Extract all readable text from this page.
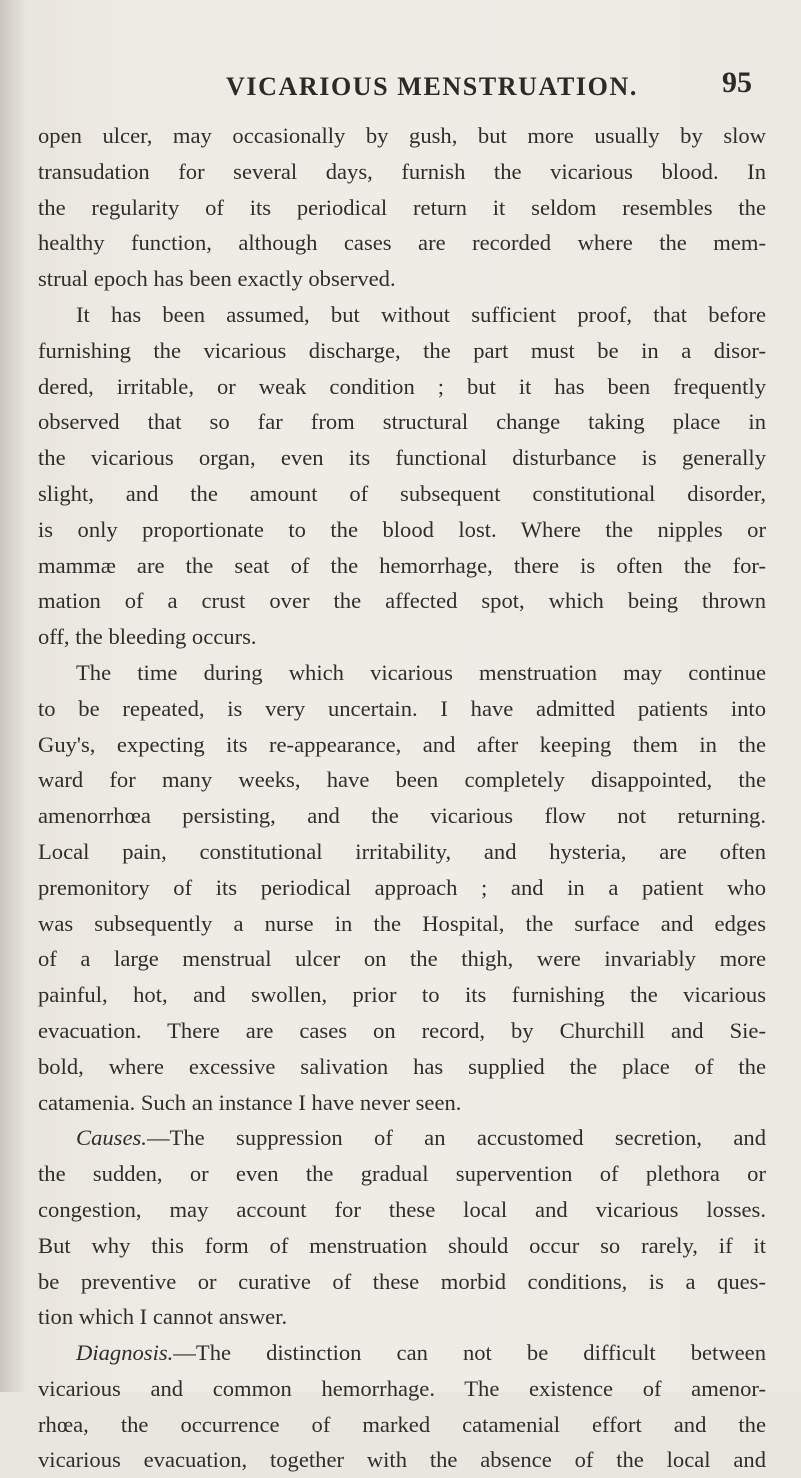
VICARIOUS MENSTRUATION.	95
open ulcer, may occasionally by gush, but more usually by slow
transudation for several days, furnish the vicarious blood. In
the regularity of its periodical return it seldom resembles the
healthy function, although cases are recorded where the mem-
strual epoch has been exactly observed.
It has been assumed, but without sufficient proof, that before
furnishing the vicarious discharge, the part must be in a disor-
dered, irritable, or weak condition ; but it has been frequently
observed that so far from structural change taking place in
the vicarious organ, even its functional disturbance is generally
slight, and the amount of subsequent constitutional disorder,
is only proportionate to the blood lost. Where the nipples or
mammæ are the seat of the hemorrhage, there is often the for-
mation of a crust over the affected spot, which being thrown
off, the bleeding occurs.
The time during which vicarious menstruation may continue
to be repeated, is very uncertain. I have admitted patients into
Guy's, expecting its re-appearance, and after keeping them in the
ward for many weeks, have been completely disappointed, the
amenorrhœa persisting, and the vicarious flow not returning.
Local pain, constitutional irritability, and hysteria, are often
premonitory of its periodical approach ; and in a patient who
was subsequently a nurse in the Hospital, the surface and edges
of a large menstrual ulcer on the thigh, were invariably more
painful, hot, and swollen, prior to its furnishing the vicarious
evacuation. There are cases on record, by Churchill and Sie-
bold, where excessive salivation has supplied the place of the
catamenia. Such an instance I have never seen.
Causes.—The suppression of an accustomed secretion, and
the sudden, or even the gradual supervention of plethora or
congestion, may account for these local and vicarious losses.
But why this form of menstruation should occur so rarely, if it
be preventive or curative of these morbid conditions, is a ques-
tion which I cannot answer.
Diagnosis.—The distinction can not be difficult between
vicarious and common hemorrhage. The existence of amenor-
rhœa, the occurrence of marked catamenial effort and the
vicarious evacuation, together with the absence of the local and
